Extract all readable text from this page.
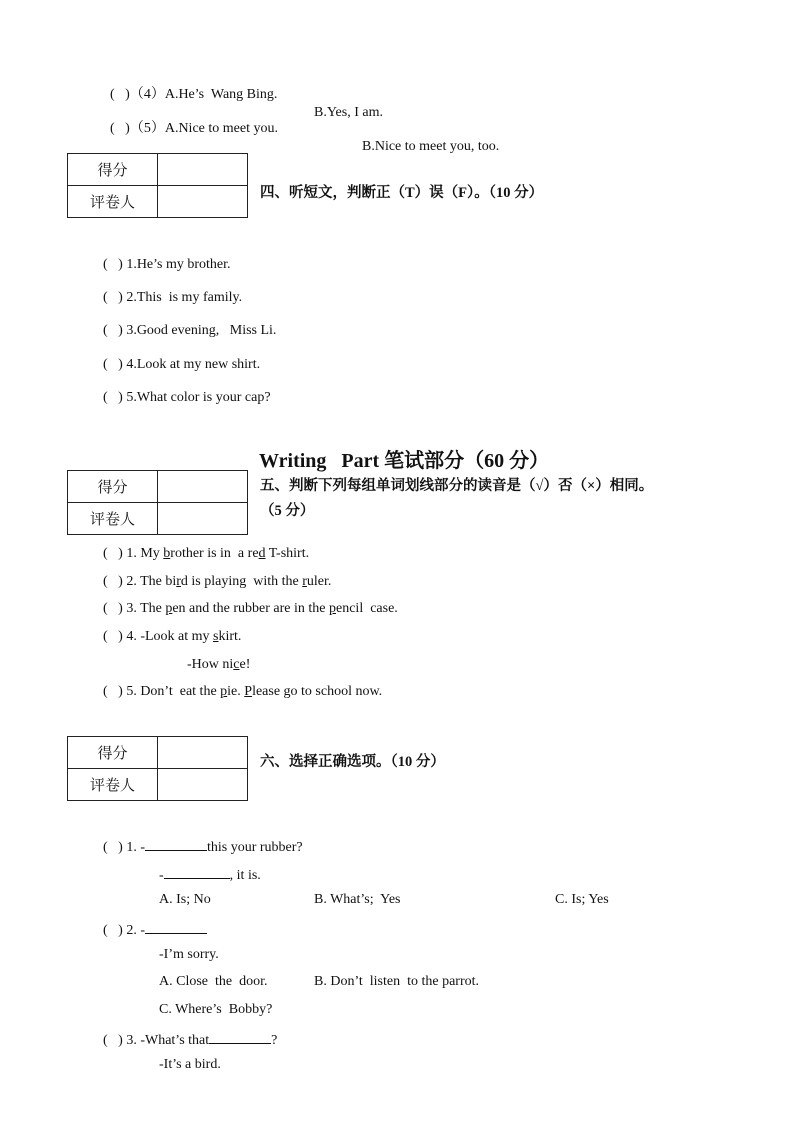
(   )（4）A.He’s  Wang Bing.

B.Yes, I am.

(   )（5）A.Nice to meet you.

B.Nice to meet you, too.

得分	
评卷人		四、听短文，判断正（T）误（F）。（10 分）
(   ) 1.He’s my brother.
(   ) 2.This  is my family.
(   ) 3.Good evening,   Miss Li.
(   ) 4.Look at my new shirt.
(   ) 5.What color is your cap?
Writing   Part 笔试部分（60 分）
得分	
评卷人	
五、判断下列每组单词划线部分的读音是（√）否（×）相同。
（5 分）
(   ) 1. My brother is in  a red T-shirt.
(   ) 2. The bird is playing  with the ruler.
(   ) 3. The pen and the rubber are in the pencil  case.
(   ) 4. -Look at my skirt.
-How nice!
(   ) 5. Don’t  eat the pie. Please go to school now.
得分	
评卷人	
六、选择正确选项。（10 分）
(   ) 1. -	this your rubber?
-	, it is.
A. Is; No	B. What’s;  Yes	C. Is; Yes
(   ) 2. -
-I’m sorry.
A. Close  the  door.	B. Don’t  listen  to the parrot.
C. Where’s  Bobby?
(   ) 3. -What’s that	?
-It’s a bird.
